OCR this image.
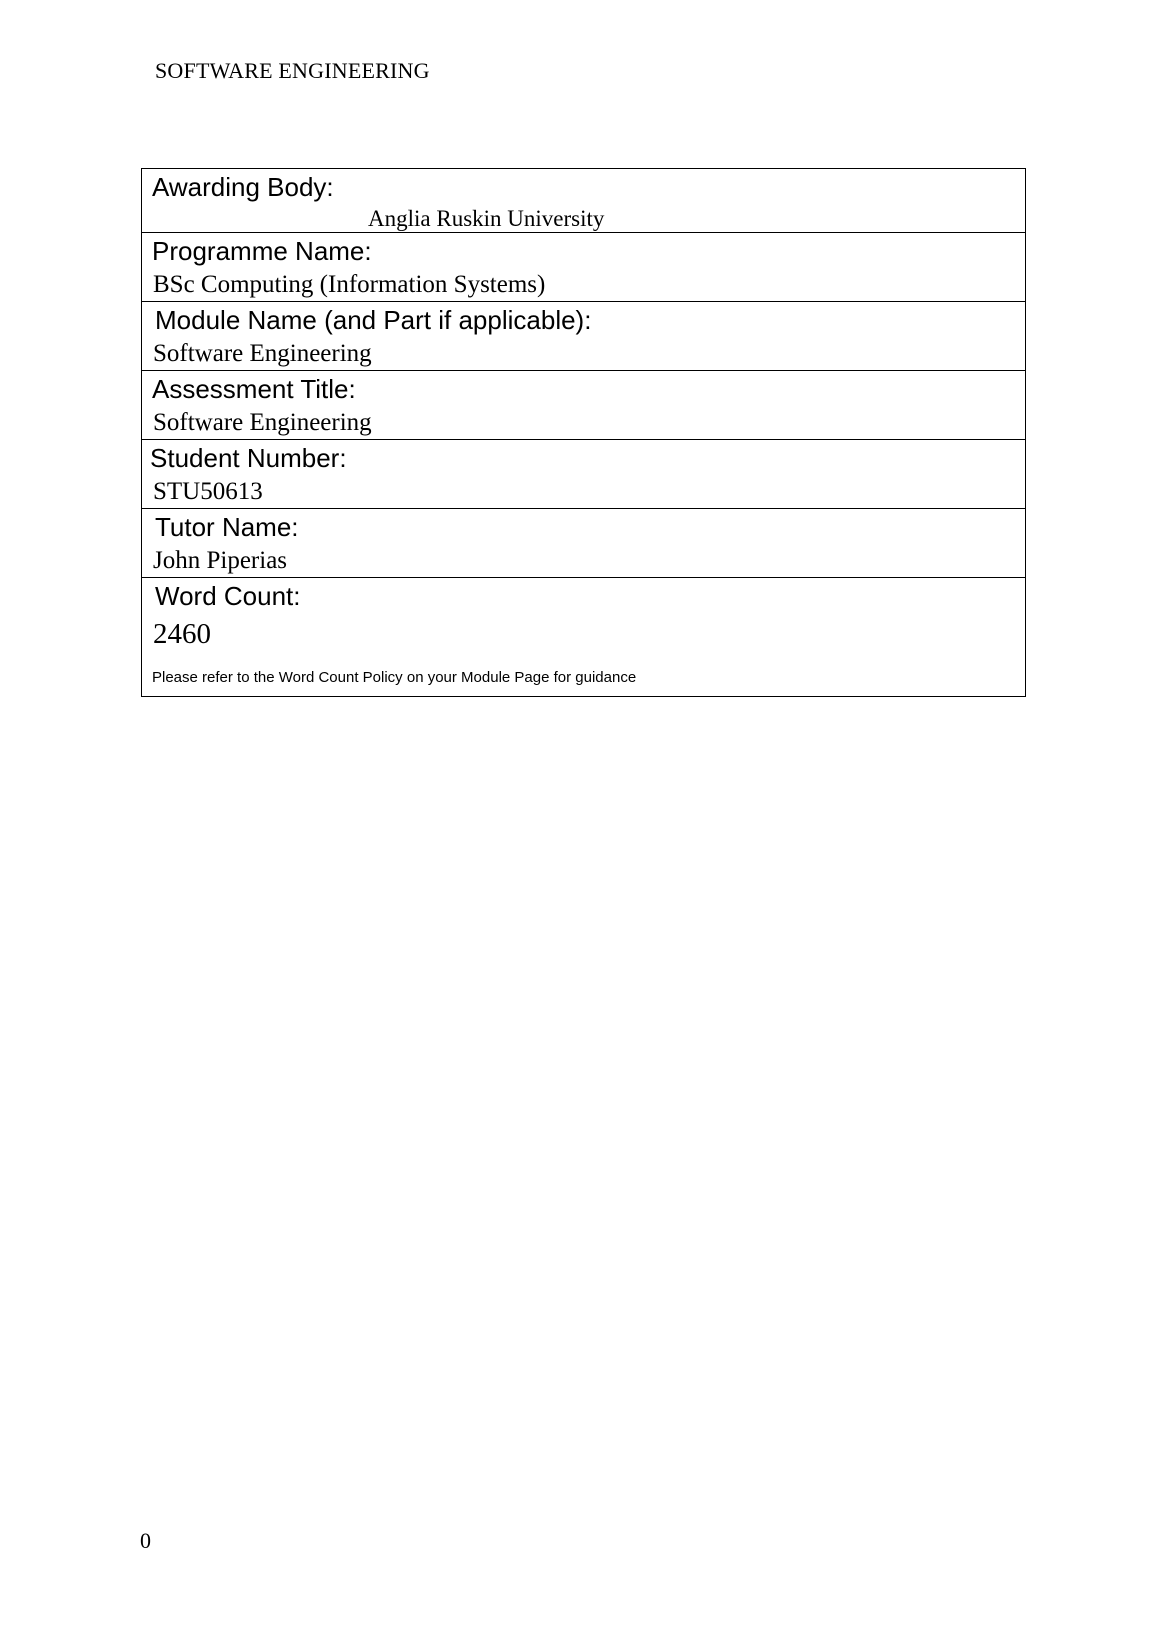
SOFTWARE ENGINEERING
Awarding Body:
Anglia Ruskin University
Programme Name:
BSc Computing (Information Systems)
Module Name (and Part if applicable):
Software Engineering
Assessment Title:
Software Engineering
Student Number:
STU50613
Tutor Name:
John Piperias
Word Count:
2460
Please refer to the Word Count Policy on your Module Page for guidance
0
